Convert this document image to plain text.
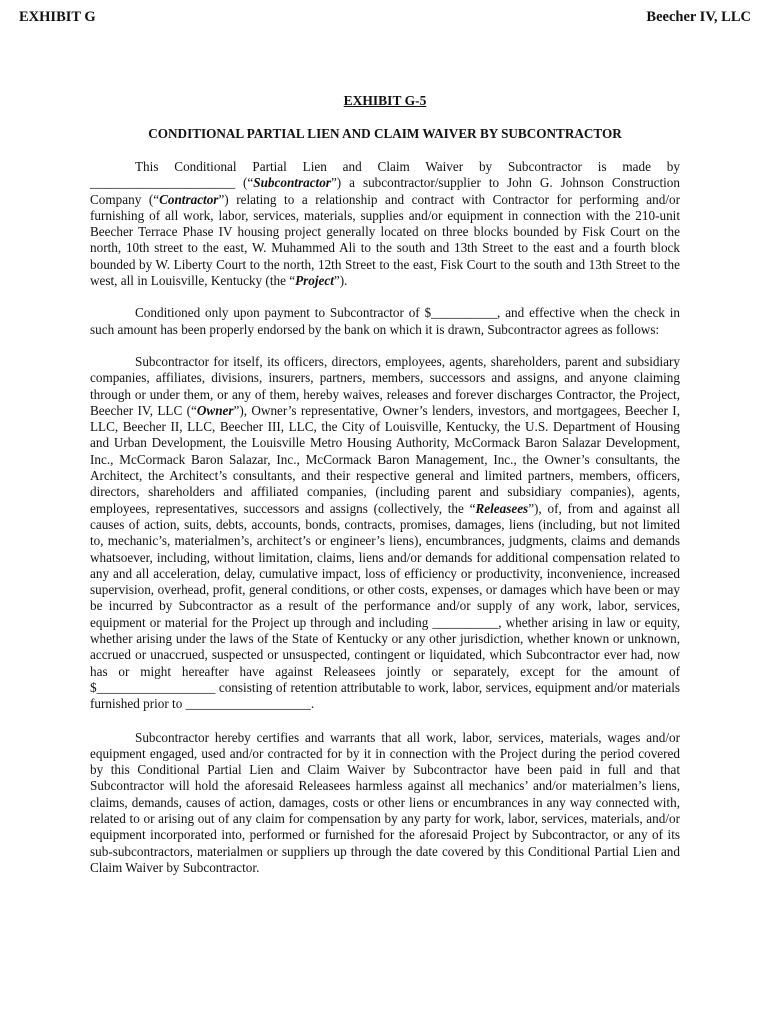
EXHIBIT G	Beecher IV, LLC
EXHIBIT G-5
CONDITIONAL PARTIAL LIEN AND CLAIM WAIVER BY SUBCONTRACTOR

This Conditional Partial Lien and Claim Waiver by Subcontractor is made by ______________________ (“Subcontractor”) a subcontractor/supplier to John G. Johnson Construction Company (“Contractor”) relating to a relationship and contract with Contractor for performing and/or furnishing of all work, labor, services, materials, supplies and/or equipment in connection with the 210-unit Beecher Terrace Phase IV housing project generally located on three blocks bounded by Fisk Court on the north, 10th street to the east, W. Muhammed Ali to the south and 13th Street to the east and a fourth block bounded by W. Liberty Court to the north, 12th Street to the east, Fisk Court to the south and 13th Street to the west, all in Louisville, Kentucky (the “Project”).

Conditioned only upon payment to Subcontractor of $__________, and effective when the check in such amount has been properly endorsed by the bank on which it is drawn, Subcontractor agrees as follows:

Subcontractor for itself, its officers, directors, employees, agents, shareholders, parent and subsidiary companies, affiliates, divisions, insurers, partners, members, successors and assigns, and anyone claiming through or under them, or any of them, hereby waives, releases and forever discharges Contractor, the Project, Beecher IV, LLC (“Owner”), Owner’s representative, Owner’s lenders, investors, and mortgagees, Beecher I, LLC, Beecher II, LLC, Beecher III, LLC, the City of Louisville, Kentucky, the U.S. Department of Housing and Urban Development, the Louisville Metro Housing Authority, McCormack Baron Salazar Development, Inc., McCormack Baron Salazar, Inc., McCormack Baron Management, Inc., the Owner’s consultants, the Architect, the Architect’s consultants, and their respective general and limited partners, members, officers, directors, shareholders and affiliated companies, (including parent and subsidiary companies), agents, employees, representatives, successors and assigns (collectively, the “Releasees”), of, from and against all causes of action, suits, debts, accounts, bonds, contracts, promises, damages, liens (including, but not limited to, mechanic’s, materialmen’s, architect’s or engineer’s liens), encumbrances, judgments, claims and demands whatsoever, including, without limitation, claims, liens and/or demands for additional compensation related to any and all acceleration, delay, cumulative impact, loss of efficiency or productivity, inconvenience, increased supervision, overhead, profit, general conditions, or other costs, expenses, or damages which have been or may be incurred by Subcontractor as a result of the performance and/or supply of any work, labor, services, equipment or material for the Project up through and including __________, whether arising in law or equity, whether arising under the laws of the State of Kentucky or any other jurisdiction, whether known or unknown, accrued or unaccrued, suspected or unsuspected, contingent or liquidated, which Subcontractor ever had, now has or might hereafter have against Releasees jointly or separately, except for the amount of $__________________ consisting of retention attributable to work, labor, services, equipment and/or materials furnished prior to ___________________.

Subcontractor hereby certifies and warrants that all work, labor, services, materials, wages and/or equipment engaged, used and/or contracted for by it in connection with the Project during the period covered by this Conditional Partial Lien and Claim Waiver by Subcontractor have been paid in full and that Subcontractor will hold the aforesaid Releasees harmless against all mechanics’ and/or materialmen’s liens, claims, demands, causes of action, damages, costs or other liens or encumbrances in any way connected with, related to or arising out of any claim for compensation by any party for work, labor, services, materials, and/or equipment incorporated into, performed or furnished for the aforesaid Project by Subcontractor, or any of its sub-subcontractors, materialmen or suppliers up through the date covered by this Conditional Partial Lien and Claim Waiver by Subcontractor.
